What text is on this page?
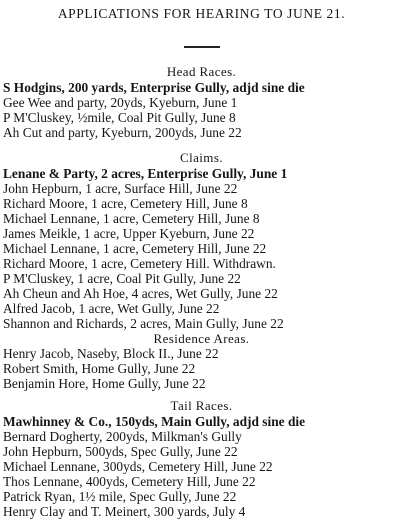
APPLICATIONS FOR HEARING TO JUNE 21.
Head Races.
S Hodgins, 200 yards, Enterprise Gully, adjd sine die
Gee Wee and party, 20yds, Kyeburn, June 1
P M'Cluskey, ½mile, Coal Pit Gully, June 8
Ah Cut and party, Kyeburn, 200yds, June 22
Claims.
Lenane & Party, 2 acres, Enterprise Gully, June 1
John Hepburn, 1 acre, Surface Hill, June 22
Richard Moore, 1 acre, Cemetery Hill, June 8
Michael Lennane, 1 acre, Cemetery Hill, June 8
James Meikle, 1 acre, Upper Kyeburn, June 22
Michael Lennane, 1 acre, Cemetery Hill, June 22
Richard Moore, 1 acre, Cemetery Hill. Withdrawn.
P M'Cluskey, 1 acre, Coal Pit Gully, June 22
Ah Cheun and Ah Hoe, 4 acres, Wet Gully, June 22
Alfred Jacob, 1 acre, Wet Gully, June 22
Shannon and Richards, 2 acres, Main Gully, June 22
Residence Areas.
Henry Jacob, Naseby, Block II., June 22
Robert Smith, Home Gully, June 22
Benjamin Hore, Home Gully, June 22
Tail Races.
Mawhinney & Co., 150yds, Main Gully, adjd sine die
Bernard Dogherty, 200yds, Milkman's Gully
John Hepburn, 500yds, Spec Gully, June 22
Michael Lennane, 300yds, Cemetery Hill, June 22
Thos Lennane, 400yds, Cemetery Hill, June 22
Patrick Ryan, 1½ mile, Spec Gully, June 22
Henry Clay and T. Meinert, 300 yards, July 4
